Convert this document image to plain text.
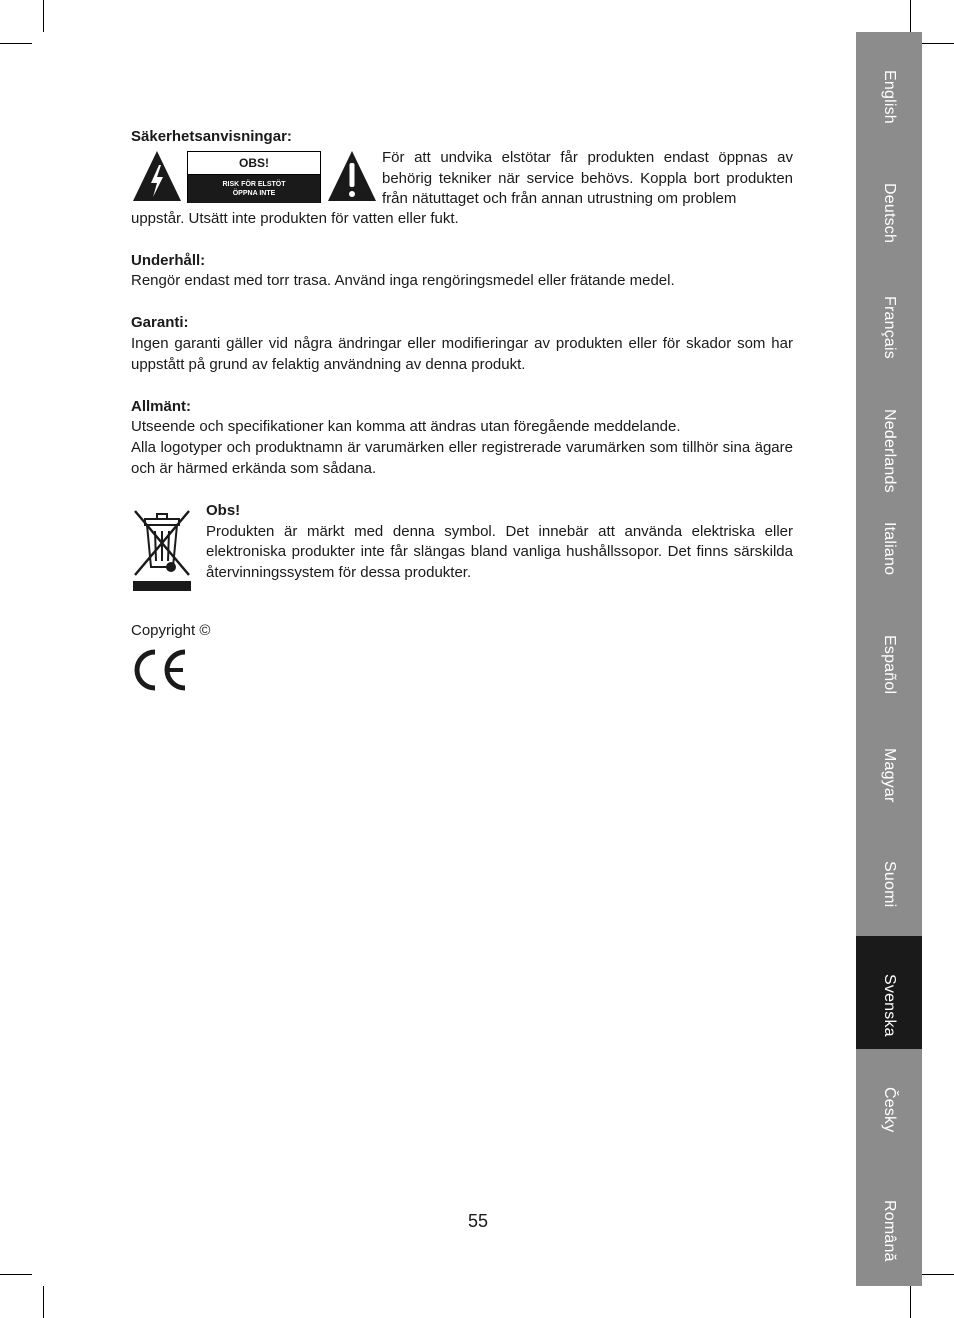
Säkerhetsanvisningar:
OBS!
RISK FÖR ELSTÖT
ÖPPNA INTE
För att undvika elstötar får produkten endast öppnas av behörig tekniker när service behövs. Koppla bort produkten från nätuttaget och från annan utrustning om problem
uppstår. Utsätt inte produkten för vatten eller fukt.
Underhåll:
Rengör endast med torr trasa. Använd inga rengöringsmedel eller frätande medel.
Garanti:
Ingen garanti gäller vid några ändringar eller modifieringar av produkten eller för skador som har uppstått på grund av felaktig användning av denna produkt.
Allmänt:
Utseende och specifikationer kan komma att ändras utan föregående meddelande.
Alla logotyper och produktnamn är varumärken eller registrerade varumärken som tillhör sina ägare och är härmed erkända som sådana.
Obs!
Produkten är märkt med denna symbol. Det innebär att använda elektriska eller elektroniska produkter inte får slängas bland vanliga hushållssopor. Det finns särskilda återvinningssystem för dessa produkter.
Copyright ©
English
Deutsch
Français
Nederlands
Italiano
Español
Magyar
Suomi
Svenska
Česky
Română
55
